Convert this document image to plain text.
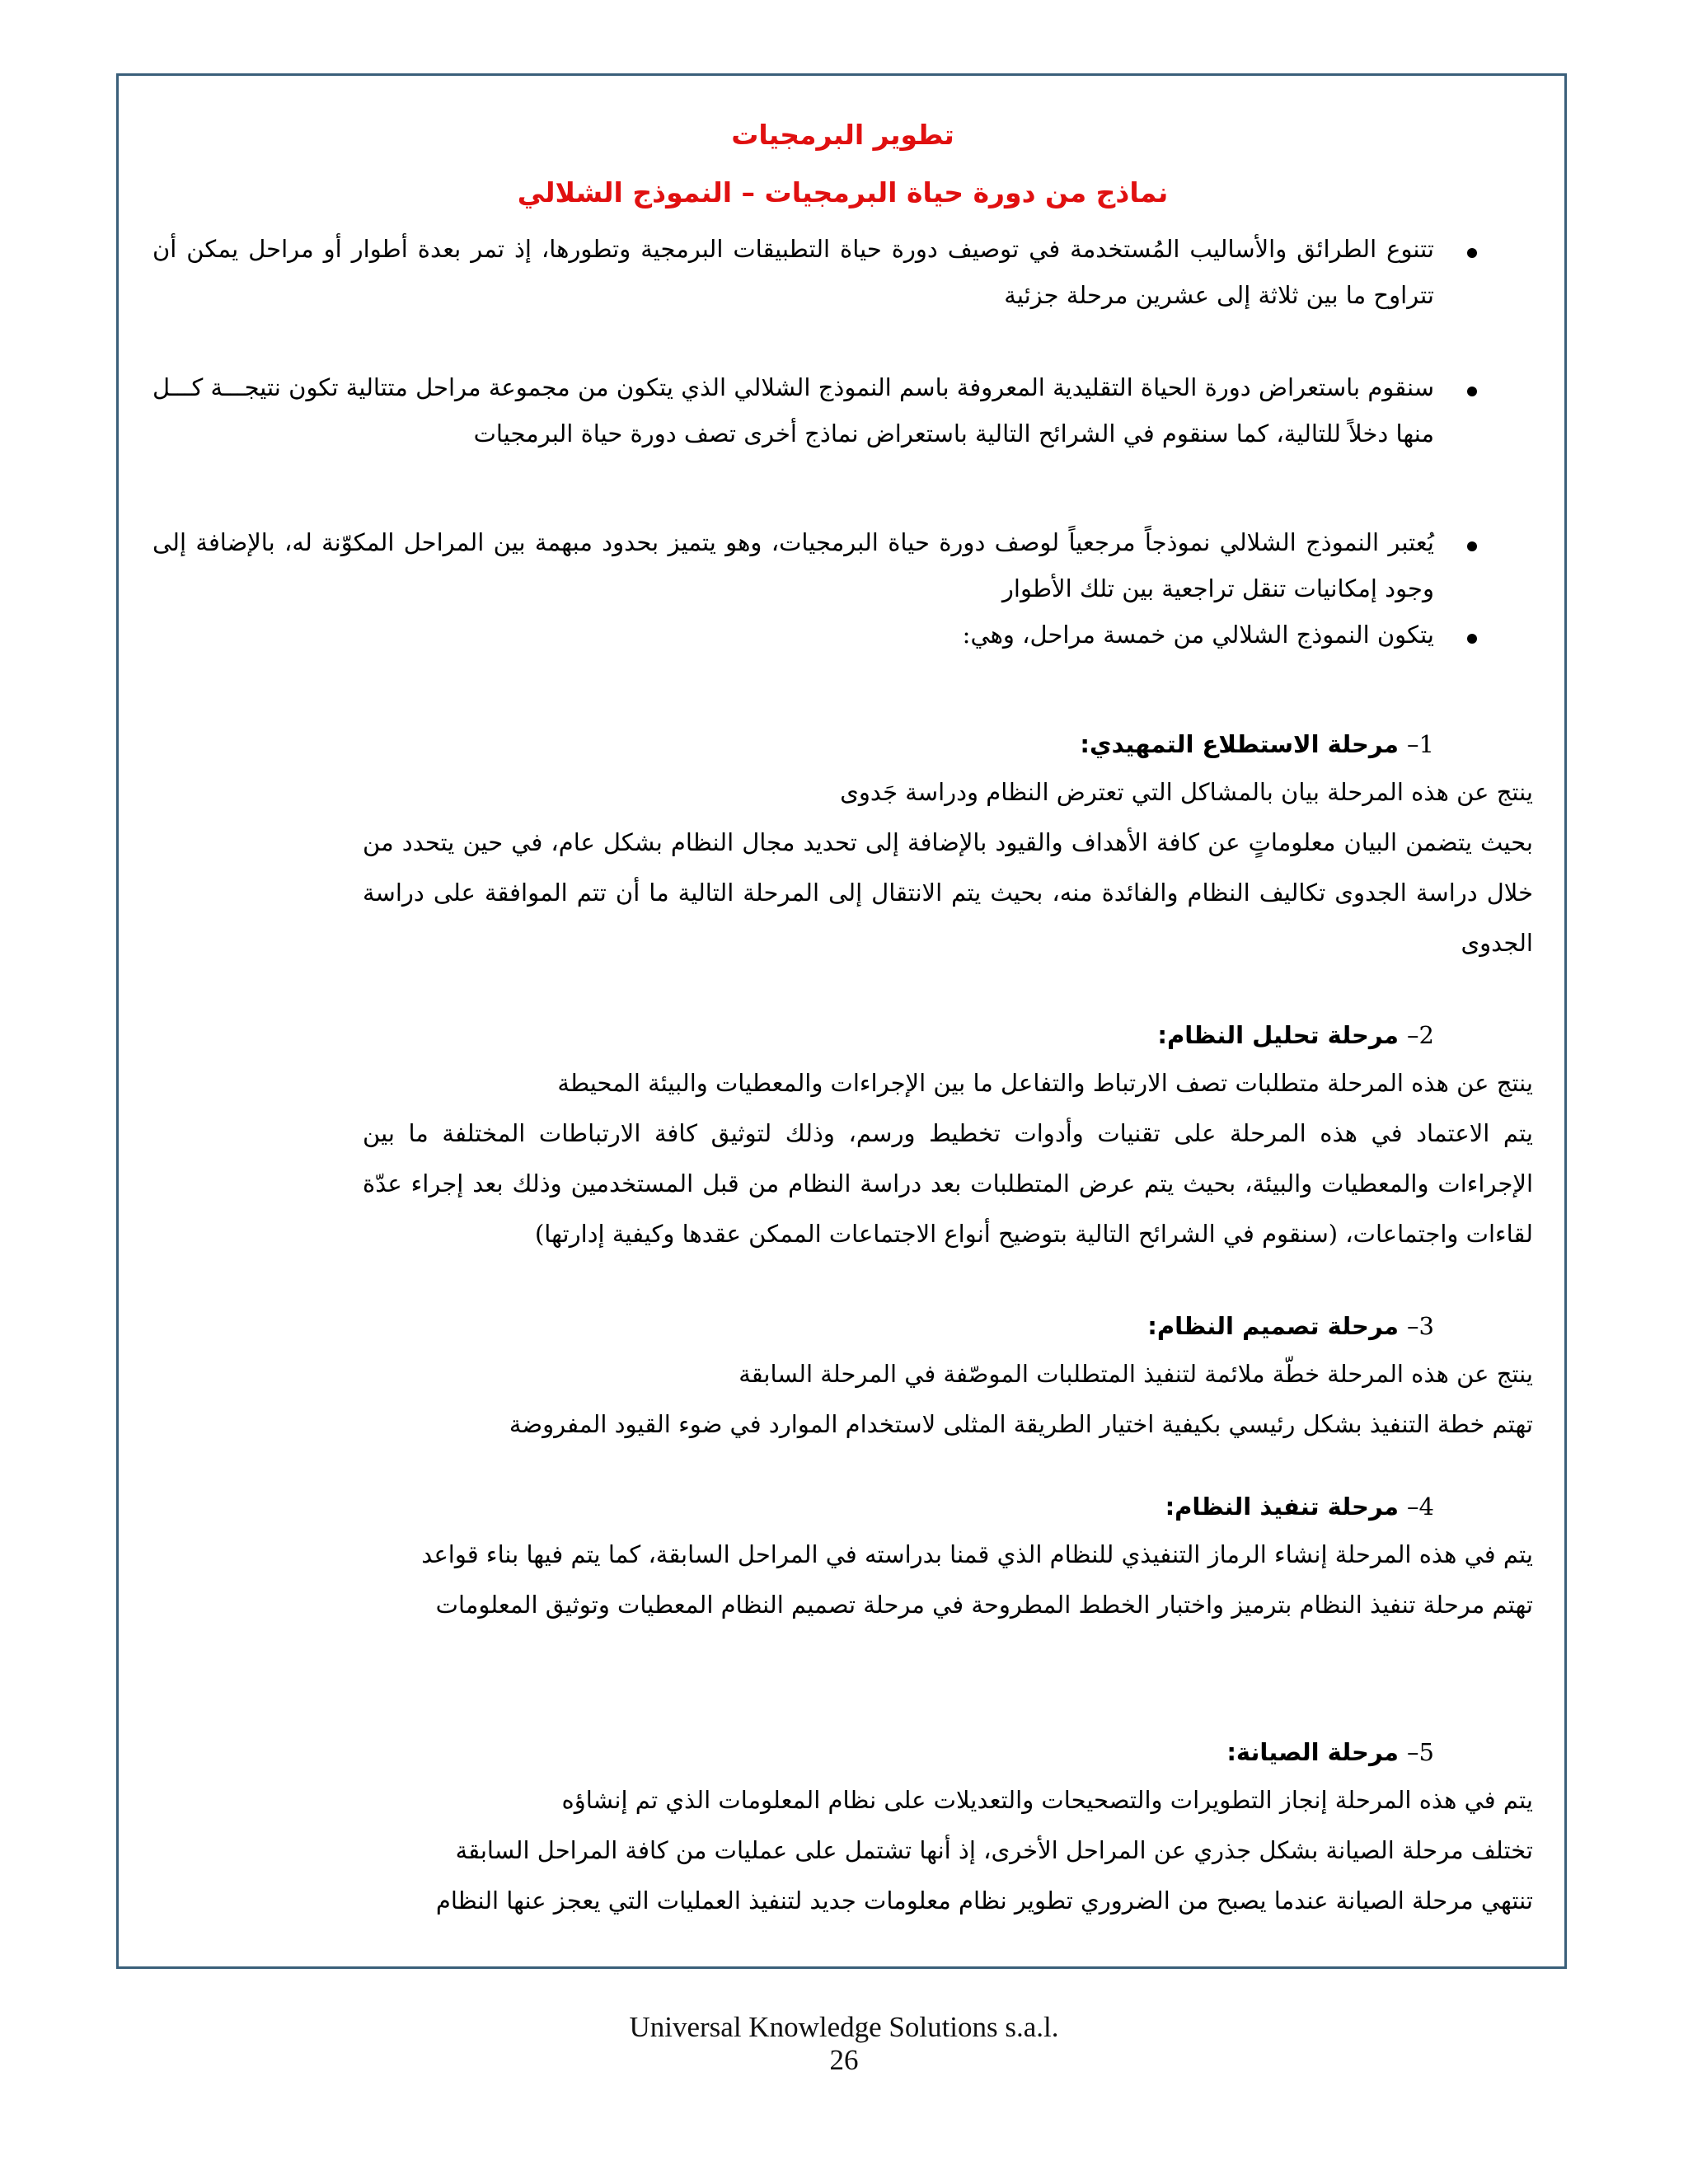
تطوير البرمجيات

نماذج من دورة حياة البرمجيات – النموذج الشلالي

تتنوع الطرائق والأساليب المُستخدمة في توصيف دورة حياة التطبيقات البرمجية وتطورها، إذ تمر بعدة أطوار أو مراحل يمكن أن تتراوح ما بين ثلاثة إلى عشرين مرحلة جزئية
سنقوم باستعراض دورة الحياة التقليدية المعروفة باسم النموذج الشلالي الذي يتكون من مجموعة مراحل متتالية تكون نتيجـــة كـــل منها دخلاً للتالية، كما سنقوم في الشرائح التالية باستعراض نماذج أخرى تصف دورة حياة البرمجيات
يُعتبر النموذج الشلالي نموذجاً مرجعياً لوصف دورة حياة البرمجيات، وهو يتميز بحدود مبهمة بين المراحل المكوّنة له، بالإضافة إلى وجود إمكانيات تنقل تراجعية بين تلك الأطوار
يتكون النموذج الشلالي من خمسة مراحل، وهي:
1– مرحلة الاستطلاع التمهيدي:
ينتج عن هذه المرحلة بيان بالمشاكل التي تعترض النظام ودراسة جَدوى
بحيث يتضمن البيان معلوماتٍ عن كافة الأهداف والقيود بالإضافة إلى تحديد مجال النظام بشكل عام، في حين يتحدد من خلال دراسة الجدوى تكاليف النظام والفائدة منه، بحيث يتم الانتقال إلى المرحلة التالية ما أن تتم الموافقة على دراسة الجدوى
2– مرحلة تحليل النظام:
ينتج عن هذه المرحلة متطلبات تصف الارتباط والتفاعل ما بين الإجراءات والمعطيات والبيئة المحيطة
يتم الاعتماد في هذه المرحلة على تقنيات وأدوات تخطيط ورسم، وذلك لتوثيق كافة الارتباطات المختلفة ما بين الإجراءات والمعطيات والبيئة، بحيث يتم عرض المتطلبات بعد دراسة النظام من قبل المستخدمين وذلك بعد إجراء عدّة لقاءات واجتماعات، (سنقوم في الشرائح التالية بتوضيح أنواع الاجتماعات الممكن عقدها وكيفية إدارتها)
3– مرحلة تصميم النظام:
ينتج عن هذه المرحلة خطّة ملائمة لتنفيذ المتطلبات الموصّفة في المرحلة السابقة
تهتم خطة التنفيذ بشكل رئيسي بكيفية اختيار الطريقة المثلى لاستخدام الموارد في ضوء القيود المفروضة
4– مرحلة تنفيذ النظام:
يتم في هذه المرحلة إنشاء الرماز التنفيذي للنظام الذي قمنا بدراسته في المراحل السابقة، كما يتم فيها بناء قواعد
تهتم مرحلة تنفيذ النظام بترميز واختبار الخطط المطروحة في مرحلة تصميم النظام المعطيات وتوثيق المعلومات
5– مرحلة الصيانة:
يتم في هذه المرحلة إنجاز التطويرات والتصحيحات والتعديلات على نظام المعلومات الذي تم إنشاؤه
تختلف مرحلة الصيانة بشكل جذري عن المراحل الأخرى، إذ أنها تشتمل على عمليات من كافة المراحل السابقة
تنتهي مرحلة الصيانة عندما يصبح من الضروري تطوير نظام معلومات جديد لتنفيذ العمليات التي يعجز عنها النظام
Universal Knowledge Solutions s.a.l.
26
